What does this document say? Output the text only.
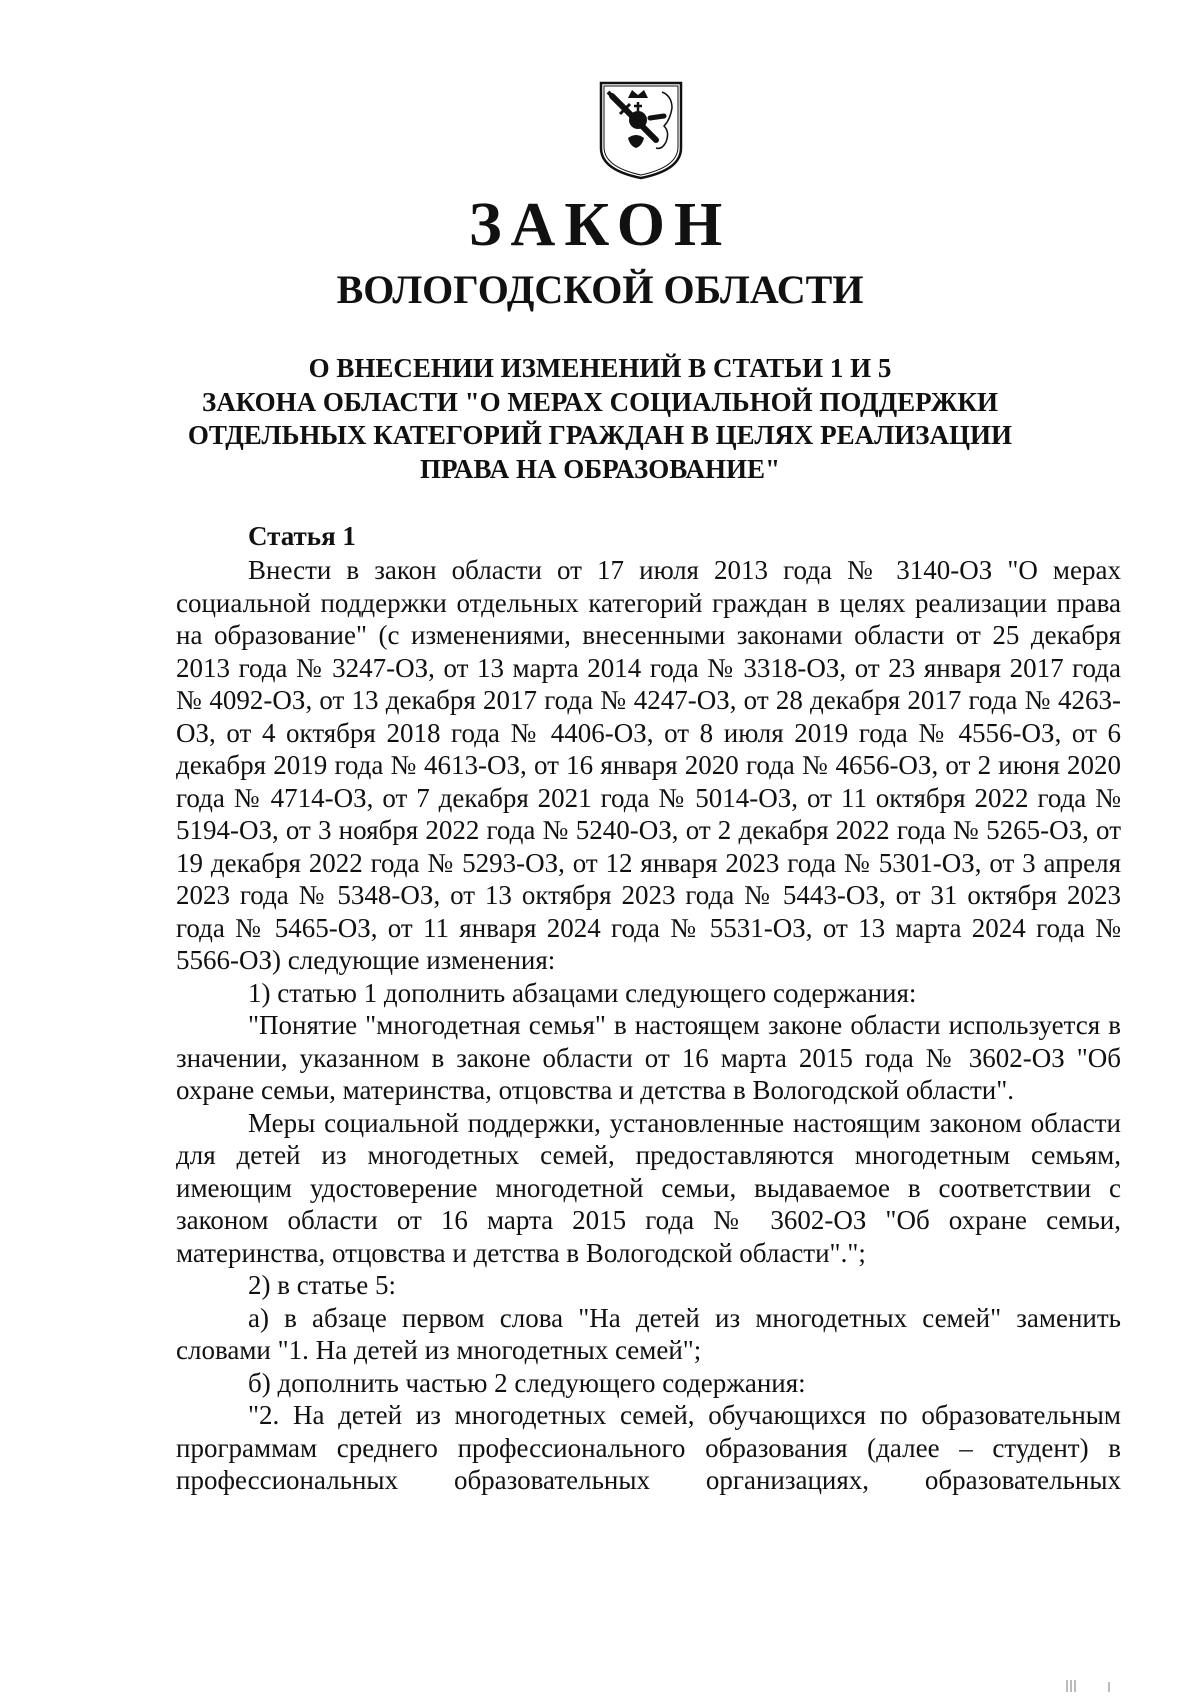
ЗАКОН
ВОЛОГОДСКОЙ ОБЛАСТИ
О ВНЕСЕНИИ ИЗМЕНЕНИЙ В СТАТЬИ 1 И 5
ЗАКОНА ОБЛАСТИ "О МЕРАХ СОЦИАЛЬНОЙ ПОДДЕРЖКИ
ОТДЕЛЬНЫХ КАТЕГОРИЙ ГРАЖДАН В ЦЕЛЯХ РЕАЛИЗАЦИИ
ПРАВА НА ОБРАЗОВАНИЕ"
Статья 1

Внести в закон области от 17 июля 2013 года № 3140-ОЗ "О мерах социальной поддержки отдельных категорий граждан в целях реализации права на образование" (с изменениями, внесенными законами области от 25 декабря 2013 года № 3247-ОЗ, от 13 марта 2014 года № 3318-ОЗ, от 23 января 2017 года № 4092-ОЗ, от 13 декабря 2017 года № 4247-ОЗ, от 28 декабря 2017 года № 4263-ОЗ, от 4 октября 2018 года № 4406-ОЗ, от 8 июля 2019 года № 4556-ОЗ, от 6 декабря 2019 года № 4613-ОЗ, от 16 января 2020 года № 4656-ОЗ, от 2 июня 2020 года № 4714-ОЗ, от 7 декабря 2021 года № 5014-ОЗ, от 11 октября 2022 года № 5194-ОЗ, от 3 ноября 2022 года № 5240-ОЗ, от 2 декабря 2022 года № 5265-ОЗ, от 19 декабря 2022 года № 5293-ОЗ, от 12 января 2023 года № 5301-ОЗ, от 3 апреля 2023 года № 5348-ОЗ, от 13 октября 2023 года № 5443-ОЗ, от 31 октября 2023 года № 5465-ОЗ, от 11 января 2024 года № 5531-ОЗ, от 13 марта 2024 года № 5566-ОЗ) следующие изменения:

1) статью 1 дополнить абзацами следующего содержания:

"Понятие "многодетная семья" в настоящем законе области используется в значении, указанном в законе области от 16 марта 2015 года № 3602-ОЗ "Об охране семьи, материнства, отцовства и детства в Вологодской области".

Меры социальной поддержки, установленные настоящим законом области для детей из многодетных семей, предоставляются многодетным семьям, имеющим удостоверение многодетной семьи, выдаваемое в соответствии с законом области от 16 марта 2015 года № 3602-ОЗ "Об охране семьи, материнства, отцовства и детства в Вологодской области".";

2) в статье 5:

а) в абзаце первом слова "На детей из многодетных семей" заменить словами "1. На детей из многодетных семей";

б) дополнить частью 2 следующего содержания:

"2. На детей из многодетных семей, обучающихся по образовательным программам среднего профессионального образования (далее – студент) в профессиональных образовательных организациях, образовательных
